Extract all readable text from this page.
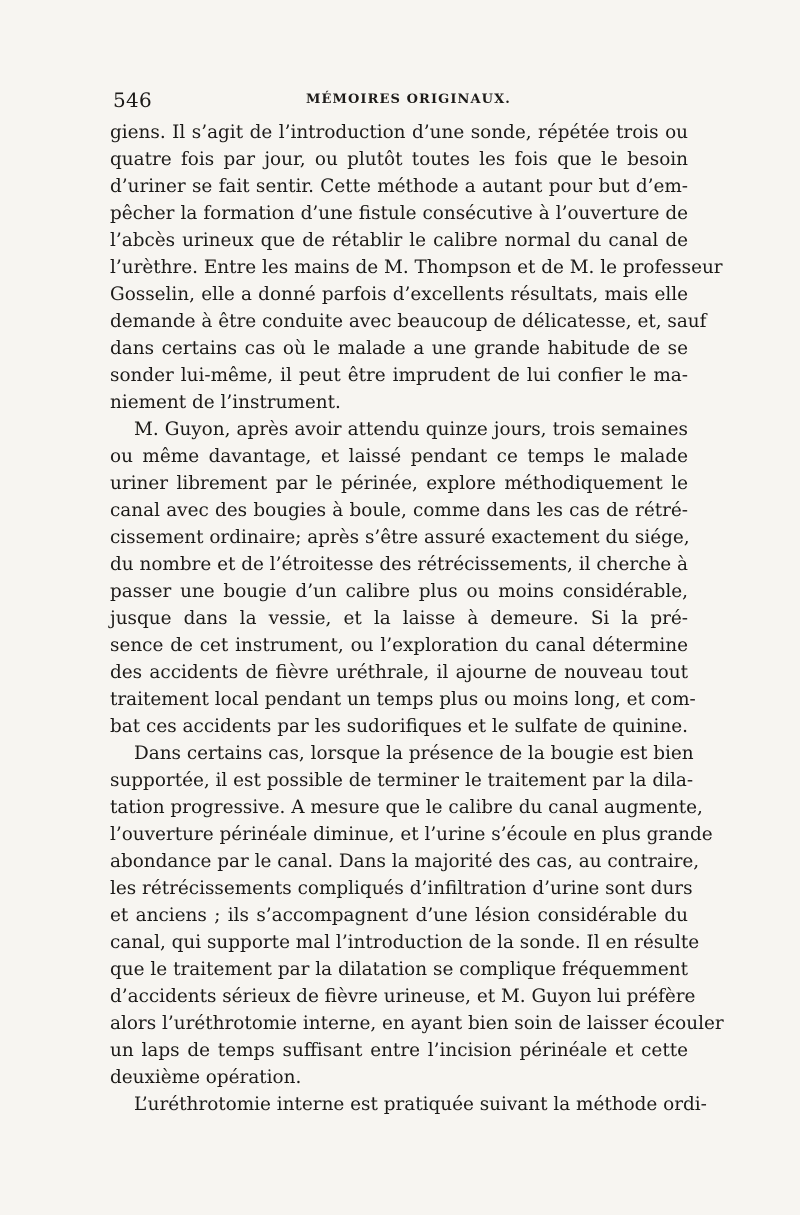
546	MÉMOIRES ORIGINAUX.
giens. Il s’agit de l’introduction d’une sonde, répétée trois ou
quatre fois par jour, ou plutôt toutes les fois que le besoin
d’uriner se fait sentir. Cette méthode a autant pour but d’em-
pêcher la formation d’une fistule consécutive à l’ouverture de
l’abcès urineux que de rétablir le calibre normal du canal de
l’urèthre. Entre les mains de M. Thompson et de M. le professeur
Gosselin, elle a donné parfois d’excellents résultats, mais elle
demande à être conduite avec beaucoup de délicatesse, et, sauf
dans certains cas où le malade a une grande habitude de se
sonder lui-même, il peut être imprudent de lui confier le ma-
niement de l’instrument.
M. Guyon, après avoir attendu quinze jours, trois semaines
ou même davantage, et laissé pendant ce temps le malade
uriner librement par le périnée, explore méthodiquement le
canal avec des bougies à boule, comme dans les cas de rétré-
cissement ordinaire; après s’être assuré exactement du siége,
du nombre et de l’étroitesse des rétrécissements, il cherche à
passer une bougie d’un calibre plus ou moins considérable,
jusque dans la vessie, et la laisse à demeure. Si la pré-
sence de cet instrument, ou l’exploration du canal détermine
des accidents de fièvre uréthrale, il ajourne de nouveau tout
traitement local pendant un temps plus ou moins long, et com-
bat ces accidents par les sudorifiques et le sulfate de quinine.
Dans certains cas, lorsque la présence de la bougie est bien
supportée, il est possible de terminer le traitement par la dila-
tation progressive. A mesure que le calibre du canal augmente,
l’ouverture périnéale diminue, et l’urine s’écoule en plus grande
abondance par le canal. Dans la majorité des cas, au contraire,
les rétrécissements compliqués d’infiltration d’urine sont durs
et anciens ; ils s’accompagnent d’une lésion considérable du
canal, qui supporte mal l’introduction de la sonde. Il en résulte
que le traitement par la dilatation se complique fréquemment
d’accidents sérieux de fièvre urineuse, et M. Guyon lui préfère
alors l’uréthrotomie interne, en ayant bien soin de laisser écouler
un laps de temps suffisant entre l’incision périnéale et cette
deuxième opération.
L’uréthrotomie interne est pratiquée suivant la méthode ordi-
